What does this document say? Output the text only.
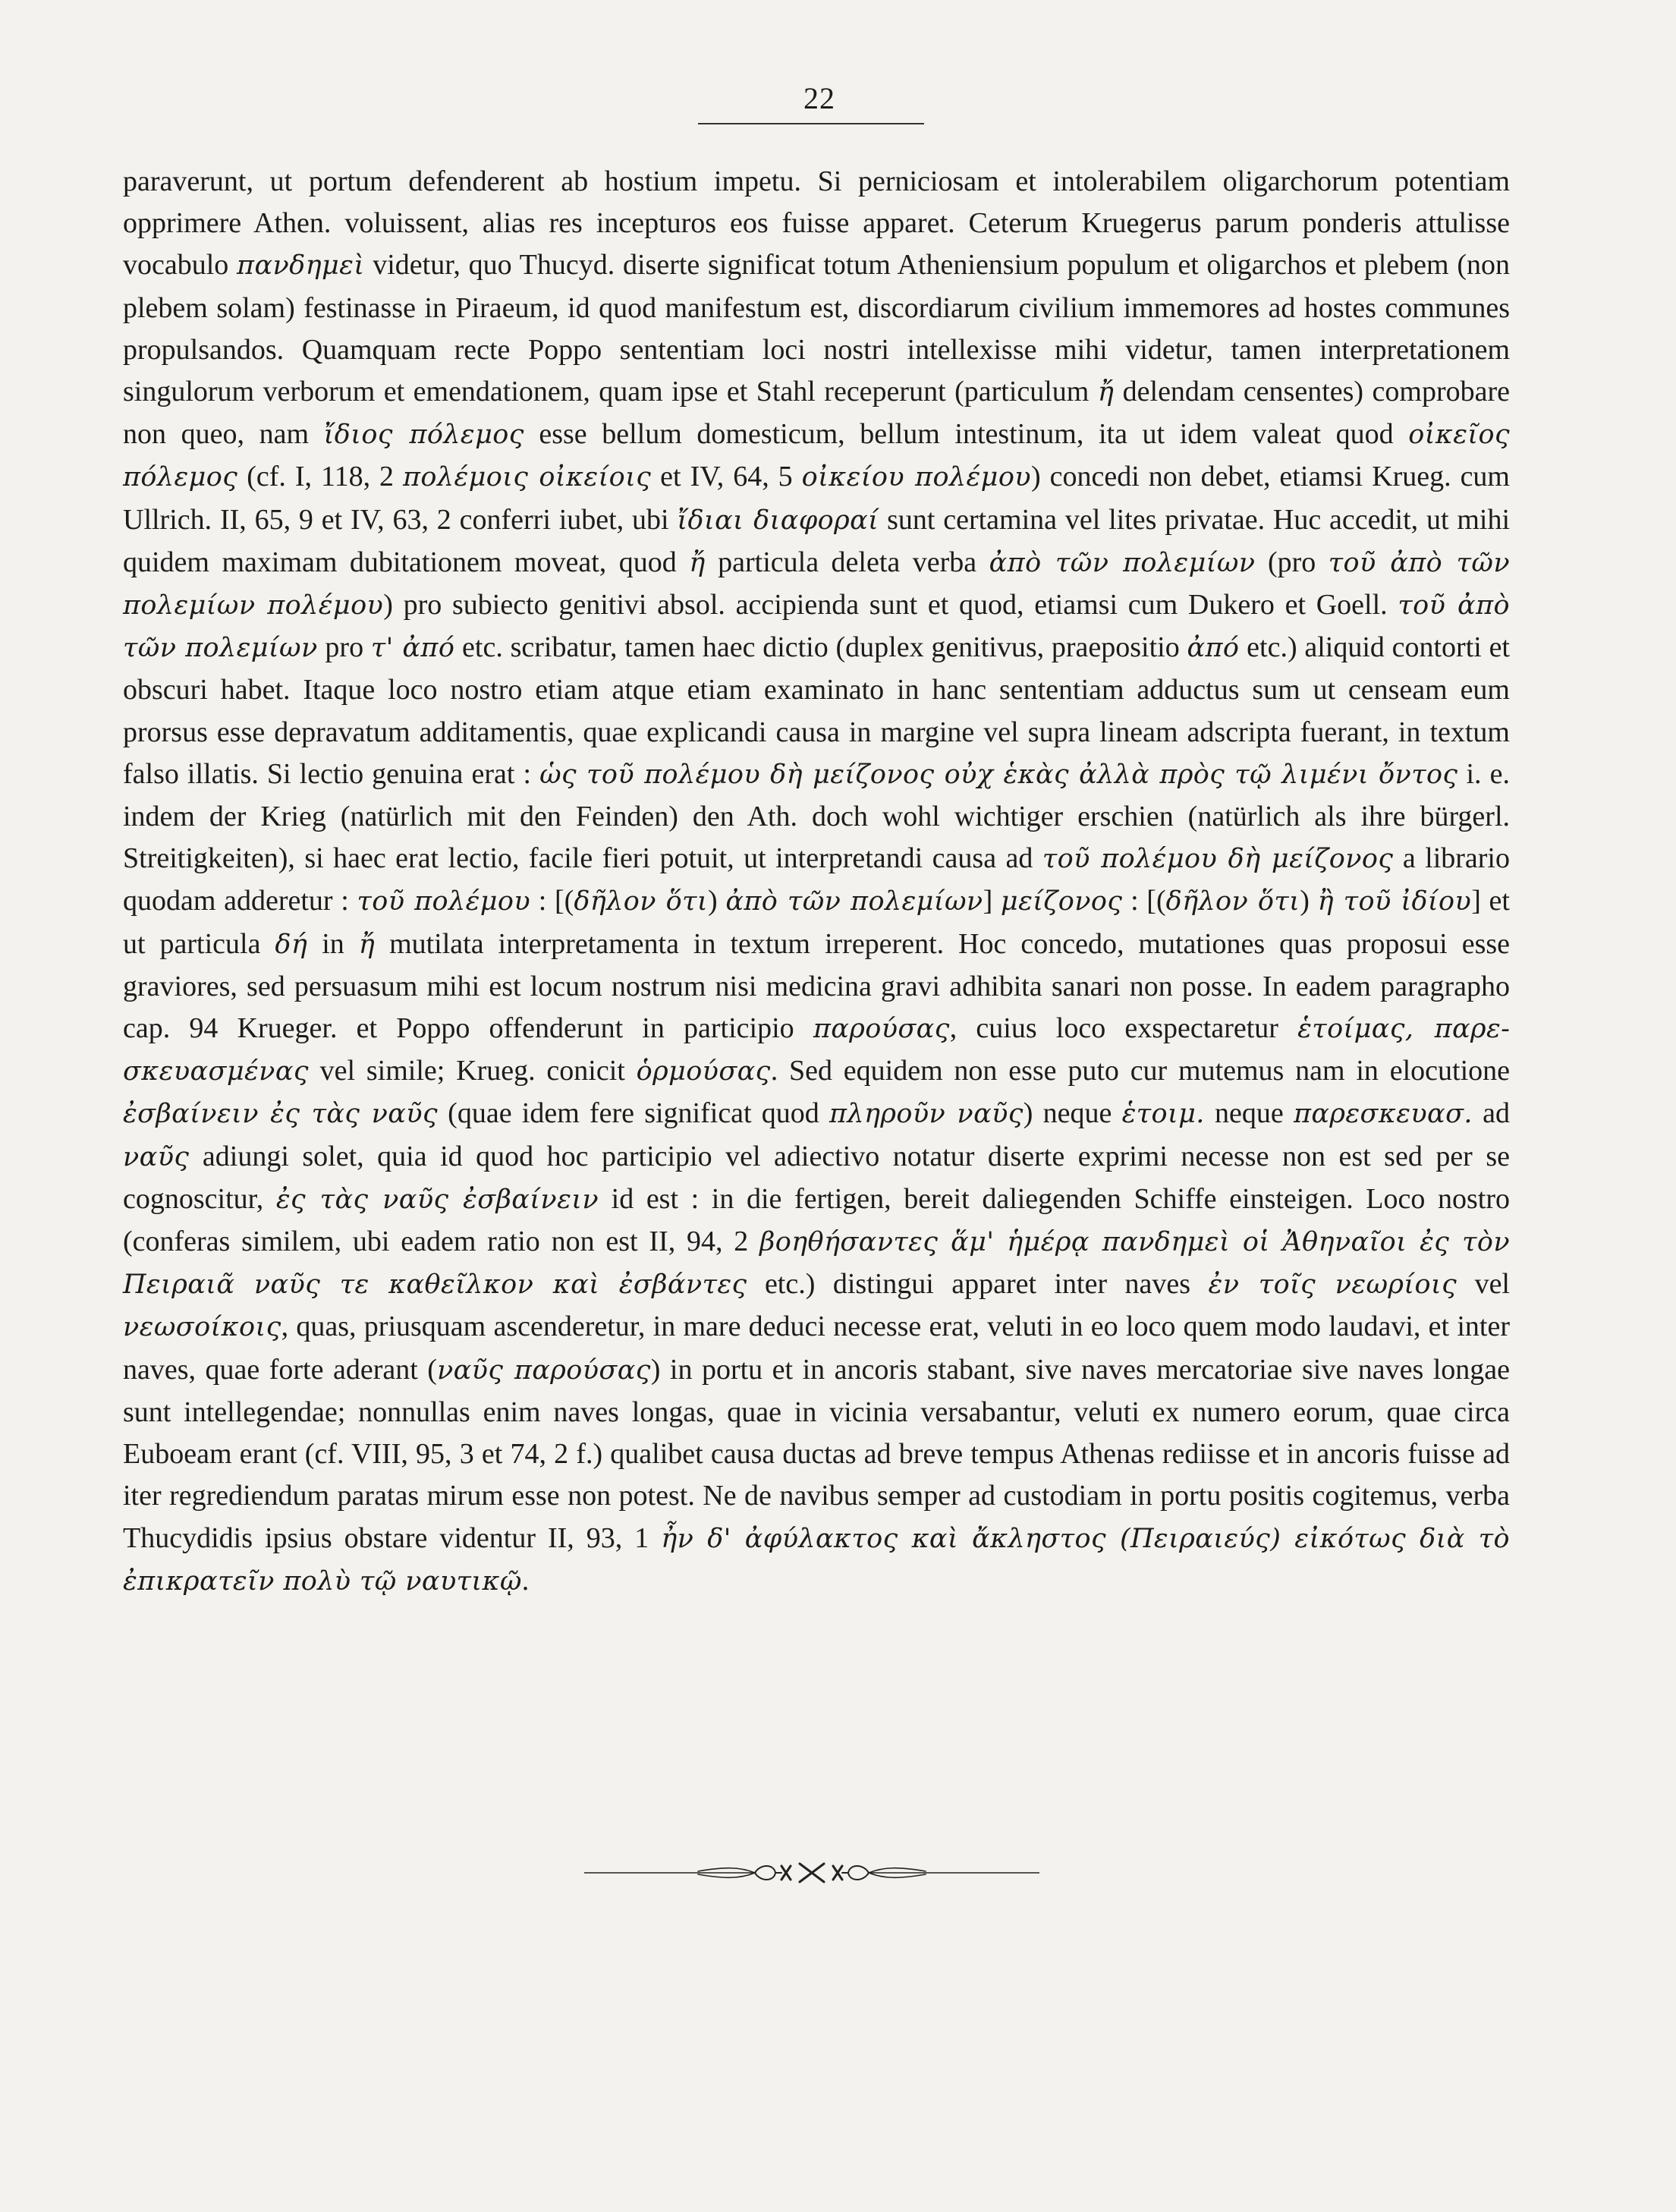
22

paraverunt, ut portum defenderent ab hostium impetu. Si perniciosam et intolerabilem oligarchorum potentiam opprimere Athen. voluissent, alias res incepturos eos fuisse apparet. Ceterum Kruegerus parum ponderis attulisse vocabulo πανδημεὶ videtur, quo Thucyd. diserte significat totum Atheniensium populum et oligarchos et plebem (non plebem solam) festinasse in Piraeum, id quod manifestum est, discordiarum civilium immemores ad hostes communes propulsandos. Quamquam recte Poppo sententiam loci nostri intellexisse mihi videtur, tamen interpretationem singulorum verborum et emendationem, quam ipse et Stahl receperunt (particulum ἤ delendam censentes) comprobare non queo, nam ἴδιος πόλεμος esse bellum domesticum, bellum intestinum, ita ut idem valeat quod οἰκεῖος πόλεμος (cf. I, 118, 2 πολέμοις οἰκείοις et IV, 64, 5 οἰκείου πολέμου) concedi non debet, etiamsi Krueg. cum Ullrich. II, 65, 9 et IV, 63, 2 conferri iubet, ubi ἴδιαι διαφοραί sunt certamina vel lites privatae. Huc accedit, ut mihi quidem maximam dubitationem moveat, quod ἤ particula deleta verba ἀπὸ τῶν πολεμίων (pro τοῦ ἀπὸ τῶν πολεμίων πολέμου) pro subiecto genitivi absol. accipienda sunt et quod, etiamsi cum Dukero et Goell. τοῦ ἀπὸ τῶν πολεμίων pro τ' ἀπό etc. scribatur, tamen haec dictio (duplex genitivus, praepositio ἀπό etc.) aliquid contorti et obscuri habet. Itaque loco nostro etiam atque etiam examinato in hanc sententiam adductus sum ut censeam eum prorsus esse depravatum additamentis, quae explicandi causa in margine vel supra lineam adscripta fuerant, in textum falso illatis. Si lectio genuina erat : ὡς τοῦ πολέμου δὴ μείζονος οὐχ ἑκὰς ἀλλὰ πρὸς τῷ λιμένι ὄντος i. e. indem der Krieg (natürlich mit den Feinden) den Ath. doch wohl wichtiger erschien (natürlich als ihre bürgerl. Streitigkeiten), si haec erat lectio, facile fieri potuit, ut interpretandi causa ad τοῦ πολέμου δὴ μείζονος a librario quodam adderetur : τοῦ πολέμου : [(δῆλον ὅτι) ἀπὸ τῶν πολεμίων] μείζονος : [(δῆλον ὅτι) ἢ τοῦ ἰδίου] et ut particula δή in ἤ mutilata interpretamenta in textum irreperent. Hoc concedo, mutationes quas proposui esse graviores, sed persuasum mihi est locum nostrum nisi medicina gravi adhibita sanari non posse. In eadem paragrapho cap. 94 Krueger. et Poppo offenderunt in participio παρούσας, cuius loco exspectaretur ἑτοίμας, παρεσκευασμένας vel simile; Krueg. conicit ὁρμούσας. Sed equidem non esse puto cur mutemus nam in elocutione ἐσβαίνειν ἐς τὰς ναῦς (quae idem fere significat quod πληροῦν ναῦς) neque ἑτοιμ. neque παρεσκευασ. ad ναῦς adiungi solet, quia id quod hoc participio vel adiectivo notatur diserte exprimi necesse non est sed per se cognoscitur, ἐς τὰς ναῦς ἐσβαίνειν id est : in die fertigen, bereit daliegenden Schiffe einsteigen. Loco nostro (conferas similem, ubi eadem ratio non est II, 94, 2 βοηθήσαντες ἅμ' ἡμέρᾳ πανδημεὶ οἱ Ἀθηναῖοι ἐς τὸν Πειραιᾶ ναῦς τε καθεῖλκον καὶ ἐσβάντες etc.) distingui apparet inter naves ἐν τοῖς νεωρίοις vel νεωσοίκοις, quas, priusquam ascenderetur, in mare deduci necesse erat, veluti in eo loco quem modo laudavi, et inter naves, quae forte aderant (ναῦς παρούσας) in portu et in ancoris stabant, sive naves mercatoriae sive naves longae sunt intellegendae; nonnullas enim naves longas, quae in vicinia versabantur, veluti ex numero eorum, quae circa Euboeam erant (cf. VIII, 95, 3 et 74, 2 f.) qualibet causa ductas ad breve tempus Athenas rediisse et in ancoris fuisse ad iter regrediendum paratas mirum esse non potest. Ne de navibus semper ad custodiam in portu positis cogitemus, verba Thucydidis ipsius obstare videntur II, 93, 1 ἦν δ' ἀφύλακτος καὶ ἄκληστος (Πειραιεύς) εἰκότως διὰ τὸ ἐπικρατεῖν πολὺ τῷ ναυτικῷ.
